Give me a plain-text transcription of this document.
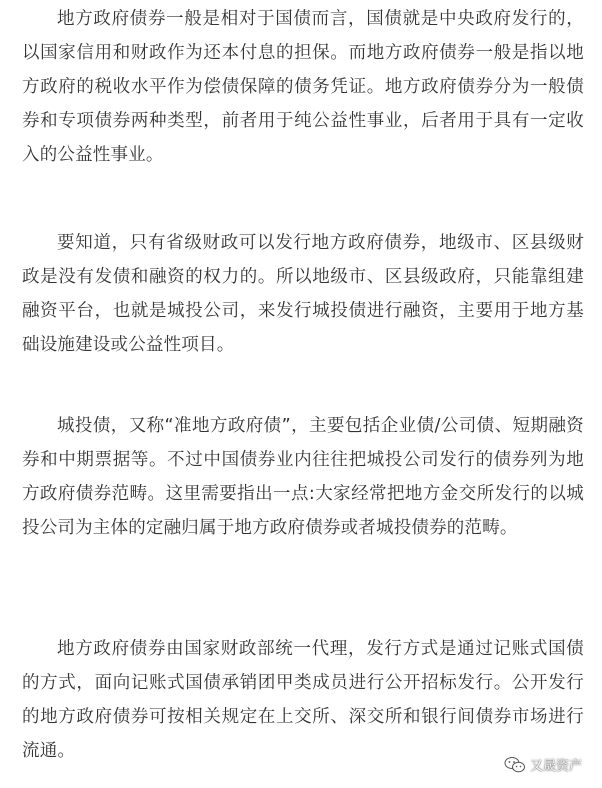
地方政府债券一般是相对于国债而言，国债就是中央政府发行的，以国家信用和财政作为还本付息的担保。而地方政府债券一般是指以地方政府的税收水平作为偿债保障的债务凭证。地方政府债券分为一般债券和专项债券两种类型，前者用于纯公益性事业，后者用于具有一定收入的公益性事业。

要知道，只有省级财政可以发行地方政府债券，地级市、区县级财政是没有发债和融资的权力的。所以地级市、区县级政府，只能靠组建融资平台，也就是城投公司，来发行城投债进行融资，主要用于地方基础设施建设或公益性项目。

城投债，又称“准地方政府债”，主要包括企业债/公司债、短期融资券和中期票据等。不过中国债券业内往往把城投公司发行的债券列为地方政府债券范畴。这里需要指出一点:大家经常把地方金交所发行的以城投公司为主体的定融归属于地方政府债券或者城投债券的范畴。

地方政府债券由国家财政部统一代理，发行方式是通过记账式国债的方式，面向记账式国债承销团甲类成员进行公开招标发行。公开发行的地方政府债券可按相关规定在上交所、深交所和银行间债券市场进行流通。

又晟资产
